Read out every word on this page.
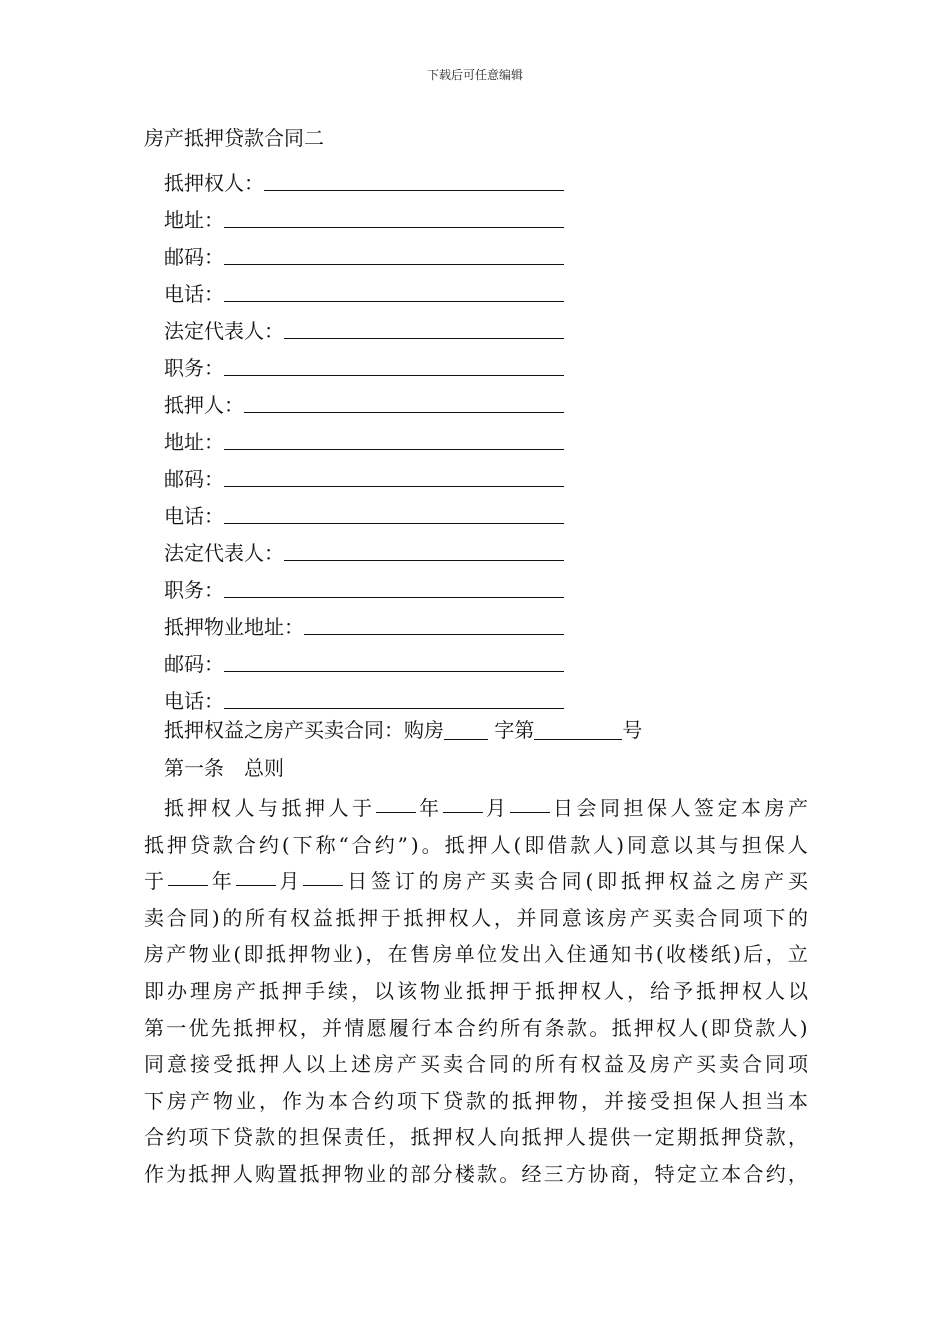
下载后可任意编辑
房产抵押贷款合同二
抵押权人：
地址：
邮码：
电话：
法定代表人：
职务：
抵押人：
地址：
邮码：
电话：
法定代表人：
职务：
抵押物业地址：
邮码：
电话：
抵押权益之房产买卖合同：购房	字第	号
第一条　总则
抵 押 权 人 与 抵 押 人 于 年 月 日 会 同 担 保 人 签 定 本 房 产
抵 押 贷 款 合 约 ( 下 称 “ 合 约 ” ) 。 抵 押 人 ( 即 借 款 人 ) 同 意 以 其 与 担 保 人
于 年 月 日 签 订 的 房 产 买 卖 合 同 ( 即 抵 押 权 益 之 房 产 买
卖 合 同 ) 的 所 有 权 益 抵 押 于 抵 押 权 人 ， 并 同 意 该 房 产 买 卖 合 同 项 下 的
房 产 物 业 ( 即 抵 押 物 业 ) ， 在 售 房 单 位 发 出 入 住 通 知 书 ( 收 楼 纸 ) 后 ， 立
即 办 理 房 产 抵 押 手 续 ， 以 该 物 业 抵 押 于 抵 押 权 人 ， 给 予 抵 押 权 人 以
第 一 优 先 抵 押 权 ， 并 情 愿 履 行 本 合 约 所 有 条 款 。 抵 押 权 人 ( 即 贷 款 人 )
同 意 接 受 抵 押 人 以 上 述 房 产 买 卖 合 同 的 所 有 权 益 及 房 产 买 卖 合 同 项
下 房 产 物 业 ， 作 为 本 合 约 项 下 贷 款 的 抵 押 物 ， 并 接 受 担 保 人 担 当 本
合 约 项 下 贷 款 的 担 保 责 任 ， 抵 押 权 人 向 抵 押 人 提 供 一 定 期 抵 押 贷 款 ，
作 为 抵 押 人 购 置 抵 押 物 业 的 部 分 楼 款 。 经 三 方 协 商 ， 特 定 立 本 合 约 ，
